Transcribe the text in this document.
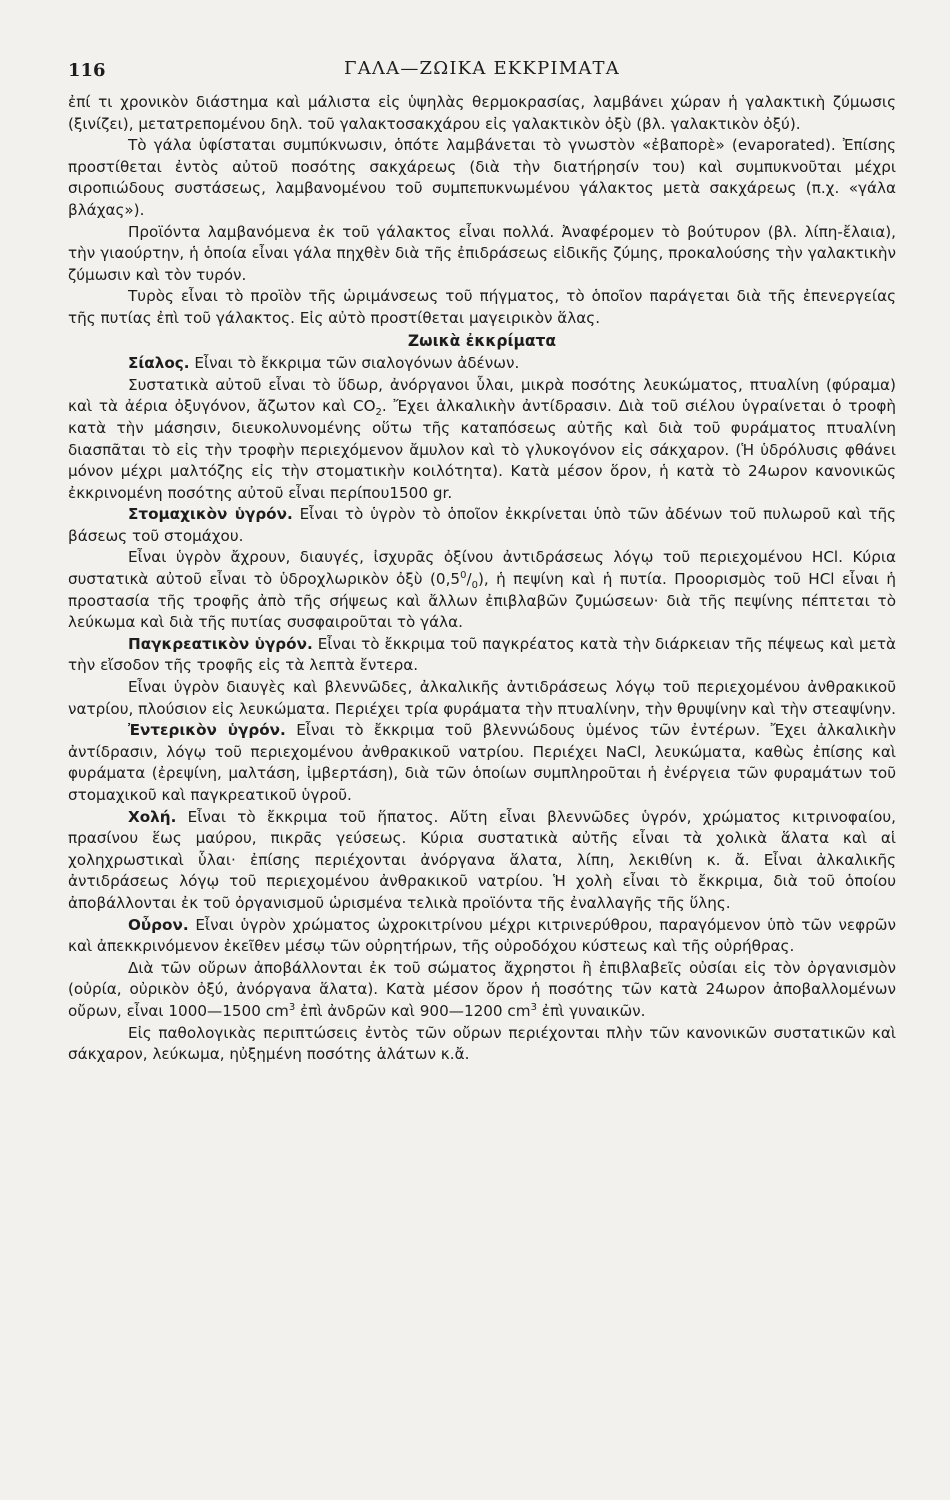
116	ΓΑΛΑ—ΖΩΙΚΑ ΕΚΚΡΙΜΑΤΑ

ἐπί τι χρονικὸν διάστημα καὶ μάλιστα εἰς ὑψηλὰς θερμοκρασίας, λαμβάνει χώραν ἡ γαλακτικὴ ζύμωσις (ξινίζει), μετατρεπομένου δηλ. τοῦ γαλακτοσακχάρου εἰς γαλακτικὸν ὀξὺ (βλ. γαλακτικὸν ὀξύ).

Τὸ γάλα ὑφίσταται συμπύκνωσιν, ὁπότε λαμβάνεται τὸ γνωστὸν «ἐβαπορὲ» (evaporated). Ἐπίσης προστίθεται ἐντὸς αὐτοῦ ποσότης σακχάρεως (διὰ τὴν διατήρησίν του) καὶ συμπυκνοῦται μέχρι σιροπιώδους συστάσεως, λαμβανομένου τοῦ συμπεπυκνωμένου γάλακτος μετὰ σακχάρεως (π.χ. «γάλα βλάχας»).

Προϊόντα λαμβανόμενα ἐκ τοῦ γάλακτος εἶναι πολλά. Ἀναφέρομεν τὸ βούτυρον (βλ. λίπη-ἔλαια), τὴν γιαούρτην, ἡ ὁποία εἶναι γάλα πηχθὲν διὰ τῆς ἐπιδράσεως εἰδικῆς ζύμης, προκαλούσης τὴν γαλακτικὴν ζύμωσιν καὶ τὸν τυρόν.

Τυρὸς εἶναι τὸ προϊὸν τῆς ὡριμάνσεως τοῦ πήγματος, τὸ ὁποῖον παράγεται διὰ τῆς ἐπενεργείας τῆς πυτίας ἐπὶ τοῦ γάλακτος. Εἰς αὐτὸ προστίθεται μαγειρικὸν ἅλας.

Ζωικὰ ἐκκρίματα

Σίαλος. Εἶναι τὸ ἔκκριμα τῶν σιαλογόνων ἀδένων.

Συστατικὰ αὐτοῦ εἶναι τὸ ὕδωρ, ἀνόργανοι ὗλαι, μικρὰ ποσότης λευκώματος, πτυαλίνη (φύραμα) καὶ τὰ ἀέρια ὀξυγόνον, ἄζωτον καὶ $CO_2$. Ἔχει ἀλκαλικὴν ἀντίδρασιν. Διὰ τοῦ σιέλου ὑγραίνεται ὁ τροφὴ κατὰ τὴν μάσησιν, διευκολυνομένης οὕτω τῆς καταπόσεως αὐτῆς καὶ διὰ τοῦ φυράματος πτυαλίνη διασπᾶται τὸ εἰς τὴν τροφὴν περιεχόμενον ἄμυλον καὶ τὸ γλυκογόνον εἰς σάκχαρον. (Ἡ ὑδρόλυσις φθάνει μόνον μέχρι μαλτόζης εἰς τὴν στοματικὴν κοιλότητα). Κατὰ μέσον ὅρον, ἡ κατὰ τὸ 24ωρον κανονικῶς ἐκκρινομένη ποσότης αὐτοῦ εἶναι περίπου1500 gr.

Στομαχικὸν ὑγρόν. Εἶναι τὸ ὑγρὸν τὸ ὁποῖον ἐκκρίνεται ὑπὸ τῶν ἀδένων τοῦ πυλωροῦ καὶ τῆς βάσεως τοῦ στομάχου.

Εἶναι ὑγρὸν ἄχρουν, διαυγές, ἰσχυρᾶς ὀξίνου ἀντιδράσεως λόγῳ τοῦ περιεχομένου HCl. Κύρια συστατικὰ αὐτοῦ εἶναι τὸ ὑδροχλωρικὸν ὀξὺ $(0,5^0/_0)$, ἡ πεψίνη καὶ ἡ πυτία. Προορισμὸς τοῦ HCl εἶναι ἡ προστασία τῆς τροφῆς ἀπὸ τῆς σήψεως καὶ ἄλλων ἐπιβλαβῶν ζυμώσεων· διὰ τῆς πεψίνης πέπτεται τὸ λεύκωμα καὶ διὰ τῆς πυτίας συσφαιροῦται τὸ γάλα.

Παγκρεατικὸν ὑγρόν. Εἶναι τὸ ἔκκριμα τοῦ παγκρέατος κατὰ τὴν διάρκειαν τῆς πέψεως καὶ μετὰ τὴν εἴσοδον τῆς τροφῆς εἰς τὰ λεπτὰ ἔντερα.

Εἶναι ὑγρὸν διαυγὲς καὶ βλεννῶδες, ἀλκαλικῆς ἀντιδράσεως λόγῳ τοῦ περιεχομένου ἀνθρακικοῦ νατρίου, πλούσιον εἰς λευκώματα. Περιέχει τρία φυράματα τὴν πτυαλίνην, τὴν θρυψίνην καὶ τὴν στεαψίνην.

Ἐντερικὸν ὑγρόν. Εἶναι τὸ ἔκκριμα τοῦ βλεννώδους ὑμένος τῶν ἐντέρων. Ἔχει ἀλκαλικὴν ἀντίδρασιν, λόγῳ τοῦ περιεχομένου ἀνθρακικοῦ νατρίου. Περιέχει NaCl, λευκώματα, καθὼς ἐπίσης καὶ φυράματα (ἐρεψίνη, μαλτάση, ἰμβερτάση), διὰ τῶν ὁποίων συμπληροῦται ἡ ἐνέργεια τῶν φυραμάτων τοῦ στομαχικοῦ καὶ παγκρεατικοῦ ὑγροῦ.

Χολή. Εἶναι τὸ ἔκκριμα τοῦ ἥπατος. Αὕτη εἶναι βλεννῶδες ὑγρόν, χρώματος κιτρινοφαίου, πρασίνου ἕως μαύρου, πικρᾶς γεύσεως. Κύρια συστατικὰ αὐτῆς εἶναι τὰ χολικὰ ἅλατα καὶ αἱ χοληχρωστικαὶ ὗλαι· ἐπίσης περιέχονται ἀνόργανα ἅλατα, λίπη, λεκιθίνη κ. ἄ. Εἶναι ἀλκαλικῆς ἀντιδράσεως λόγῳ τοῦ περιεχομένου ἀνθρακικοῦ νατρίου. Ἡ χολὴ εἶναι τὸ ἔκκριμα, διὰ τοῦ ὁποίου ἀποβάλλονται ἐκ τοῦ ὀργανισμοῦ ὡρισμένα τελικὰ προϊόντα τῆς ἐναλλαγῆς τῆς ὕλης.

Οὖρον. Εἶναι ὑγρὸν χρώματος ὠχροκιτρίνου μέχρι κιτρινερύθρου, παραγόμενον ὑπὸ τῶν νεφρῶν καὶ ἀπεκκρινόμενον ἐκεῖθεν μέσῳ τῶν οὐρητήρων, τῆς οὐροδόχου κύστεως καὶ τῆς οὐρήθρας.

Διὰ τῶν οὔρων ἀποβάλλονται ἐκ τοῦ σώματος ἄχρηστοι ἢ ἐπιβλαβεῖς οὐσίαι εἰς τὸν ὀργανισμὸν (οὐρία, οὐρικὸν ὀξύ, ἀνόργανα ἅλατα). Κατὰ μέσον ὅρον ἡ ποσότης τῶν κατὰ 24ωρον ἀποβαλλομένων οὔρων, εἶναι 1000—1500 $cm^3$ ἐπὶ ἀνδρῶν καὶ 900—1200 $cm^3$ ἐπὶ γυναικῶν.

Εἰς παθολογικὰς περιπτώσεις ἐντὸς τῶν οὔρων περιέχονται πλὴν τῶν κανονικῶν συστατικῶν καὶ σάκχαρον, λεύκωμα, ηὐξημένη ποσότης ἁλάτων κ.ἄ.
